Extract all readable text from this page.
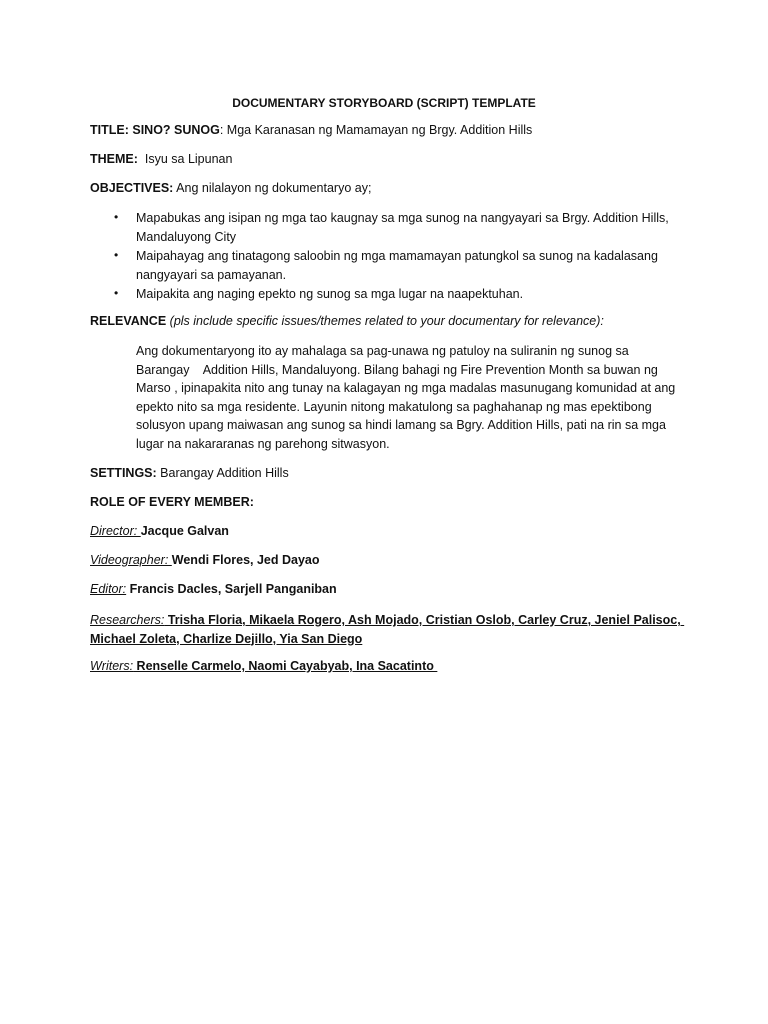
DOCUMENTARY STORYBOARD (SCRIPT) TEMPLATE
TITLE: SINO? SUNOG: Mga Karanasan ng Mamamayan ng Brgy. Addition Hills
THEME: Isyu sa Lipunan
OBJECTIVES: Ang nilalayon ng dokumentaryo ay;
• Mapabukas ang isipan ng mga tao kaugnay sa mga sunog na nangyayari sa Brgy. Addition Hills,
Mandaluyong City
• Maipahayag ang tinatagong saloobin ng mga mamamayan patungkol sa sunog na kadalasang
nangyayari sa pamayanan.
• Maipakita ang naging epekto ng sunog sa mga lugar na naapektuhan.
RELEVANCE (pls include specific issues/themes related to your documentary for relevance):
Ang dokumentaryong ito ay mahalaga sa pag-unawa ng patuloy na suliranin ng sunog sa
Barangay    Addition Hills, Mandaluyong. Bilang bahagi ng Fire Prevention Month sa buwan ng
Marso , ipinapakita nito ang tunay na kalagayan ng mga madalas masunugang komunidad at ang
epekto nito sa mga residente. Layunin nitong makatulong sa paghahanap ng mas epektibong
solusyon upang maiwasan ang sunog sa hindi lamang sa Bgry. Addition Hills, pati na rin sa mga
lugar na nakararanas ng parehong sitwasyon.
SETTINGS: Barangay Addition Hills
ROLE OF EVERY MEMBER:
Director: Jacque Galvan
Videographer: Wendi Flores, Jed Dayao
Editor: Francis Dacles, Sarjell Panganiban
Researchers: Trisha Floria, Mikaela Rogero, Ash Mojado, Cristian Oslob, Carley Cruz, Jeniel Palisoc,
Michael Zoleta, Charlize Dejillo, Yia San Diego
Writers: Renselle Carmelo, Naomi Cayabyab, Ina Sacatinto
